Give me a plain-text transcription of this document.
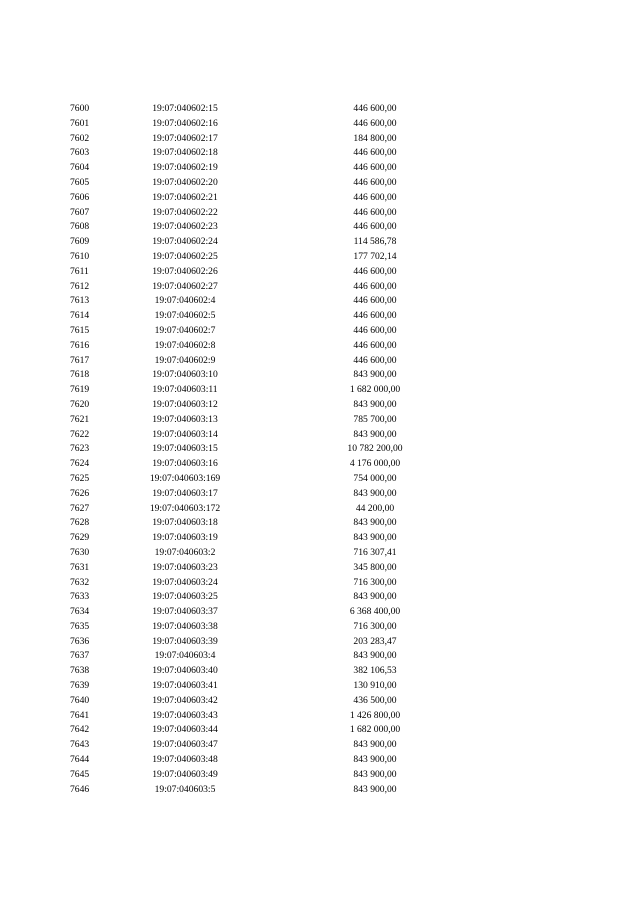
7600	19:07:040602:15	446 600,00
7601	19:07:040602:16	446 600,00
7602	19:07:040602:17	184 800,00
7603	19:07:040602:18	446 600,00
7604	19:07:040602:19	446 600,00
7605	19:07:040602:20	446 600,00
7606	19:07:040602:21	446 600,00
7607	19:07:040602:22	446 600,00
7608	19:07:040602:23	446 600,00
7609	19:07:040602:24	114 586,78
7610	19:07:040602:25	177 702,14
7611	19:07:040602:26	446 600,00
7612	19:07:040602:27	446 600,00
7613	19:07:040602:4	446 600,00
7614	19:07:040602:5	446 600,00
7615	19:07:040602:7	446 600,00
7616	19:07:040602:8	446 600,00
7617	19:07:040602:9	446 600,00
7618	19:07:040603:10	843 900,00
7619	19:07:040603:11	1 682 000,00
7620	19:07:040603:12	843 900,00
7621	19:07:040603:13	785 700,00
7622	19:07:040603:14	843 900,00
7623	19:07:040603:15	10 782 200,00
7624	19:07:040603:16	4 176 000,00
7625	19:07:040603:169	754 000,00
7626	19:07:040603:17	843 900,00
7627	19:07:040603:172	44 200,00
7628	19:07:040603:18	843 900,00
7629	19:07:040603:19	843 900,00
7630	19:07:040603:2	716 307,41
7631	19:07:040603:23	345 800,00
7632	19:07:040603:24	716 300,00
7633	19:07:040603:25	843 900,00
7634	19:07:040603:37	6 368 400,00
7635	19:07:040603:38	716 300,00
7636	19:07:040603:39	203 283,47
7637	19:07:040603:4	843 900,00
7638	19:07:040603:40	382 106,53
7639	19:07:040603:41	130 910,00
7640	19:07:040603:42	436 500,00
7641	19:07:040603:43	1 426 800,00
7642	19:07:040603:44	1 682 000,00
7643	19:07:040603:47	843 900,00
7644	19:07:040603:48	843 900,00
7645	19:07:040603:49	843 900,00
7646	19:07:040603:5	843 900,00
